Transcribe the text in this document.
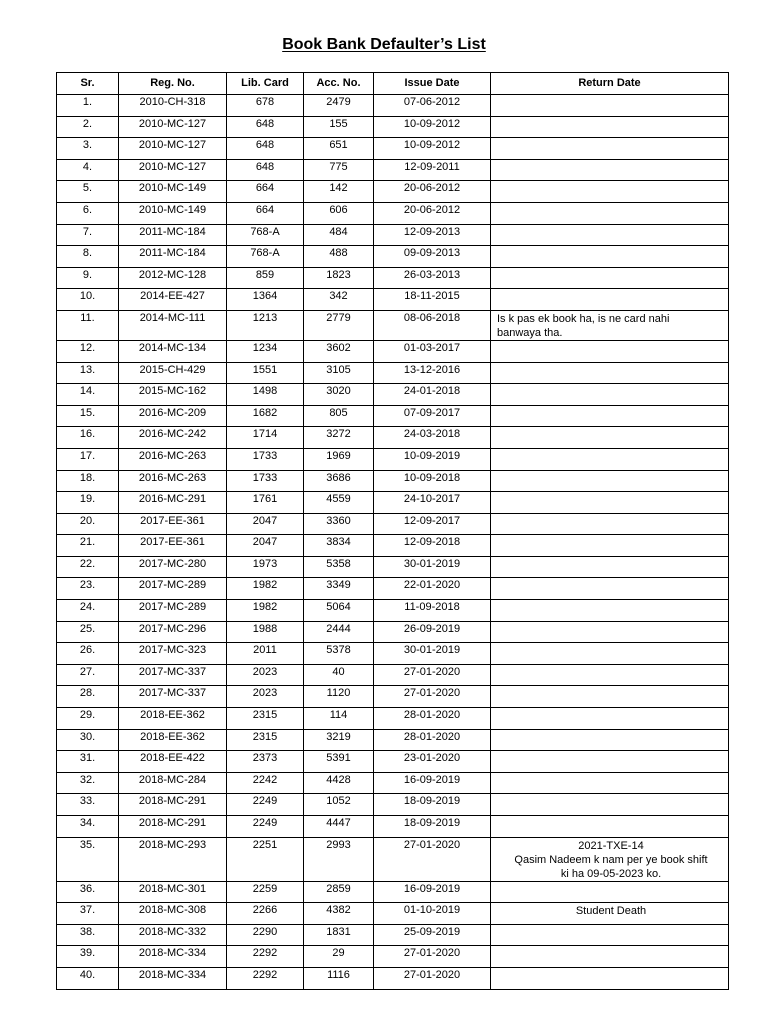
Book Bank Defaulter’s List
Sr.	Reg. No.	Lib. Card	Acc. No.	Issue Date	Return Date
1.	2010-CH-318	678	2479	07-06-2012	
2.	2010-MC-127	648	155	10-09-2012	
3.	2010-MC-127	648	651	10-09-2012	
4.	2010-MC-127	648	775	12-09-2011	
5.	2010-MC-149	664	142	20-06-2012	
6.	2010-MC-149	664	606	20-06-2012	
7.	2011-MC-184	768-A	484	12-09-2013	
8.	2011-MC-184	768-A	488	09-09-2013	
9.	2012-MC-128	859	1823	26-03-2013	
10.	2014-EE-427	1364	342	18-11-2015	
11.	2014-MC-111	1213	2779	08-06-2018	Is k pas ek book ha, is ne card nahi
banwaya tha.

12.	2014-MC-134	1234	3602	01-03-2017	
13.	2015-CH-429	1551	3105	13-12-2016	
14.	2015-MC-162	1498	3020	24-01-2018	
15.	2016-MC-209	1682	805	07-09-2017	
16.	2016-MC-242	1714	3272	24-03-2018	
17.	2016-MC-263	1733	1969	10-09-2019	
18.	2016-MC-263	1733	3686	10-09-2018	
19.	2016-MC-291	1761	4559	24-10-2017	
20.	2017-EE-361	2047	3360	12-09-2017	
21.	2017-EE-361	2047	3834	12-09-2018	
22.	2017-MC-280	1973	5358	30-01-2019	
23.	2017-MC-289	1982	3349	22-01-2020	
24.	2017-MC-289	1982	5064	11-09-2018	
25.	2017-MC-296	1988	2444	26-09-2019	
26.	2017-MC-323	2011	5378	30-01-2019	
27.	2017-MC-337	2023	40	27-01-2020	
28.	2017-MC-337	2023	1120	27-01-2020	
29.	2018-EE-362	2315	114	28-01-2020	
30.	2018-EE-362	2315	3219	28-01-2020	
31.	2018-EE-422	2373	5391	23-01-2020	
32.	2018-MC-284	2242	4428	16-09-2019	
33.	2018-MC-291	2249	1052	18-09-2019	
34.	2018-MC-291	2249	4447	18-09-2019	
35.	2018-MC-293	2251	2993	27-01-2020	2021-TXE-14
Qasim Nadeem k nam per ye book shift
ki ha 09-05-2023 ko.

36.	2018-MC-301	2259	2859	16-09-2019	
37.	2018-MC-308	2266	4382	01-10-2019	Student Death
38.	2018-MC-332	2290	1831	25-09-2019	
39.	2018-MC-334	2292	29	27-01-2020	
40.	2018-MC-334	2292	1116	27-01-2020	
